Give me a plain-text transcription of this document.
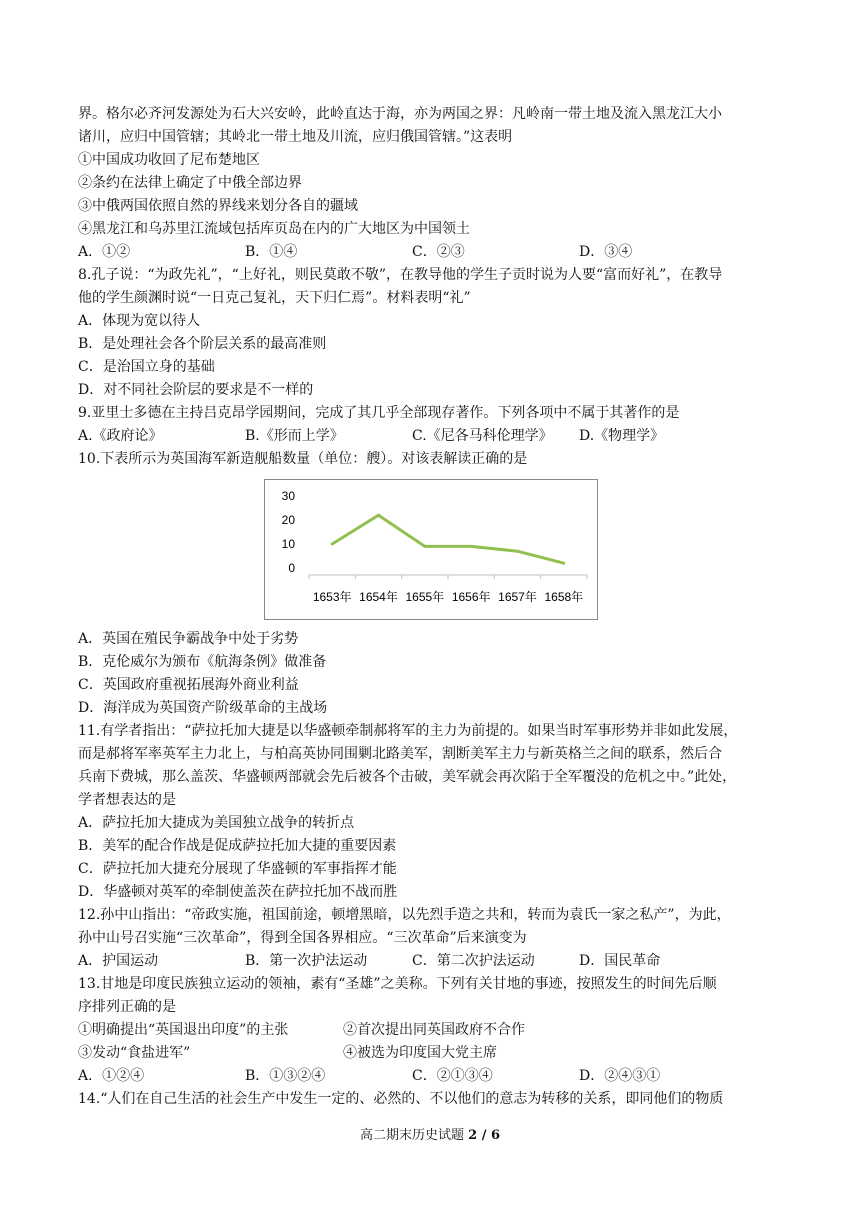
界。格尔必齐河发源处为石大兴安岭，此岭直达于海，亦为两国之界：凡岭南一带土地及流入黑龙江大小
诸川，应归中国管辖；其岭北一带土地及川流，应归俄国管辖。”这表明
①中国成功收回了尼布楚地区
②条约在法律上确定了中俄全部边界
③中俄两国依照自然的界线来划分各自的疆域
④黑龙江和乌苏里江流域包括库页岛在内的广大地区为中国领土
A．①②	B．①④	C．②③	D．③④
8.孔子说：“为政先礼”，“上好礼，则民莫敢不敬”，在教导他的学生子贡时说为人要“富而好礼”，在教导
他的学生颜渊时说“一日克己复礼，天下归仁焉”。材料表明“礼”
A．体现为宽以待人
B．是处理社会各个阶层关系的最高准则
C．是治国立身的基础
D．对不同社会阶层的要求是不一样的
9.亚里士多德在主持吕克昂学园期间，完成了其几乎全部现存著作。下列各项中不属于其著作的是
A.《政府论》	B.《形而上学》	C.《尼各马科伦理学》	D.《物理学》
10.下表所示为英国海军新造舰船数量（单位：艘）。对该表解读正确的是
0
10
20
30
1653年 1654年 1655年 1656年 1657年 1658年
A．英国在殖民争霸战争中处于劣势
B．克伦威尔为颁布《航海条例》做准备
C．英国政府重视拓展海外商业利益
D．海洋成为英国资产阶级革命的主战场
11.有学者指出：“萨拉托加大捷是以华盛顿牵制郝将军的主力为前提的。如果当时军事形势并非如此发展，
而是郝将军率英军主力北上，与柏高英协同围剿北路美军，割断美军主力与新英格兰之间的联系，然后合
兵南下费城，那么盖茨、华盛顿两部就会先后被各个击破，美军就会再次陷于全军覆没的危机之中。”此处，
学者想表达的是
A．萨拉托加大捷成为美国独立战争的转折点
B．美军的配合作战是促成萨拉托加大捷的重要因素
C．萨拉托加大捷充分展现了华盛顿的军事指挥才能
D．华盛顿对英军的牵制使盖茨在萨拉托加不战而胜
12.孙中山指出：“帝政实施，祖国前途，顿增黑暗，以先烈手造之共和，转而为袁氏一家之私产”，为此，
孙中山号召实施“三次革命”，得到全国各界相应。“三次革命”后来演变为
A．护国运动	B．第一次护法运动	C．第二次护法运动	D．国民革命
13.甘地是印度民族独立运动的领袖，素有“圣雄”之美称。下列有关甘地的事迹，按照发生的时间先后顺
序排列正确的是
①明确提出“英国退出印度”的主张	②首次提出同英国政府不合作
③发动“食盐进军”	④被选为印度国大党主席
A．①②④	B．①③②④	C．②①③④	D．②④③①
14.“人们在自己生活的社会生产中发生一定的、必然的、不以他们的意志为转移的关系，即同他们的物质
高二期末历史试题 2 / 6
